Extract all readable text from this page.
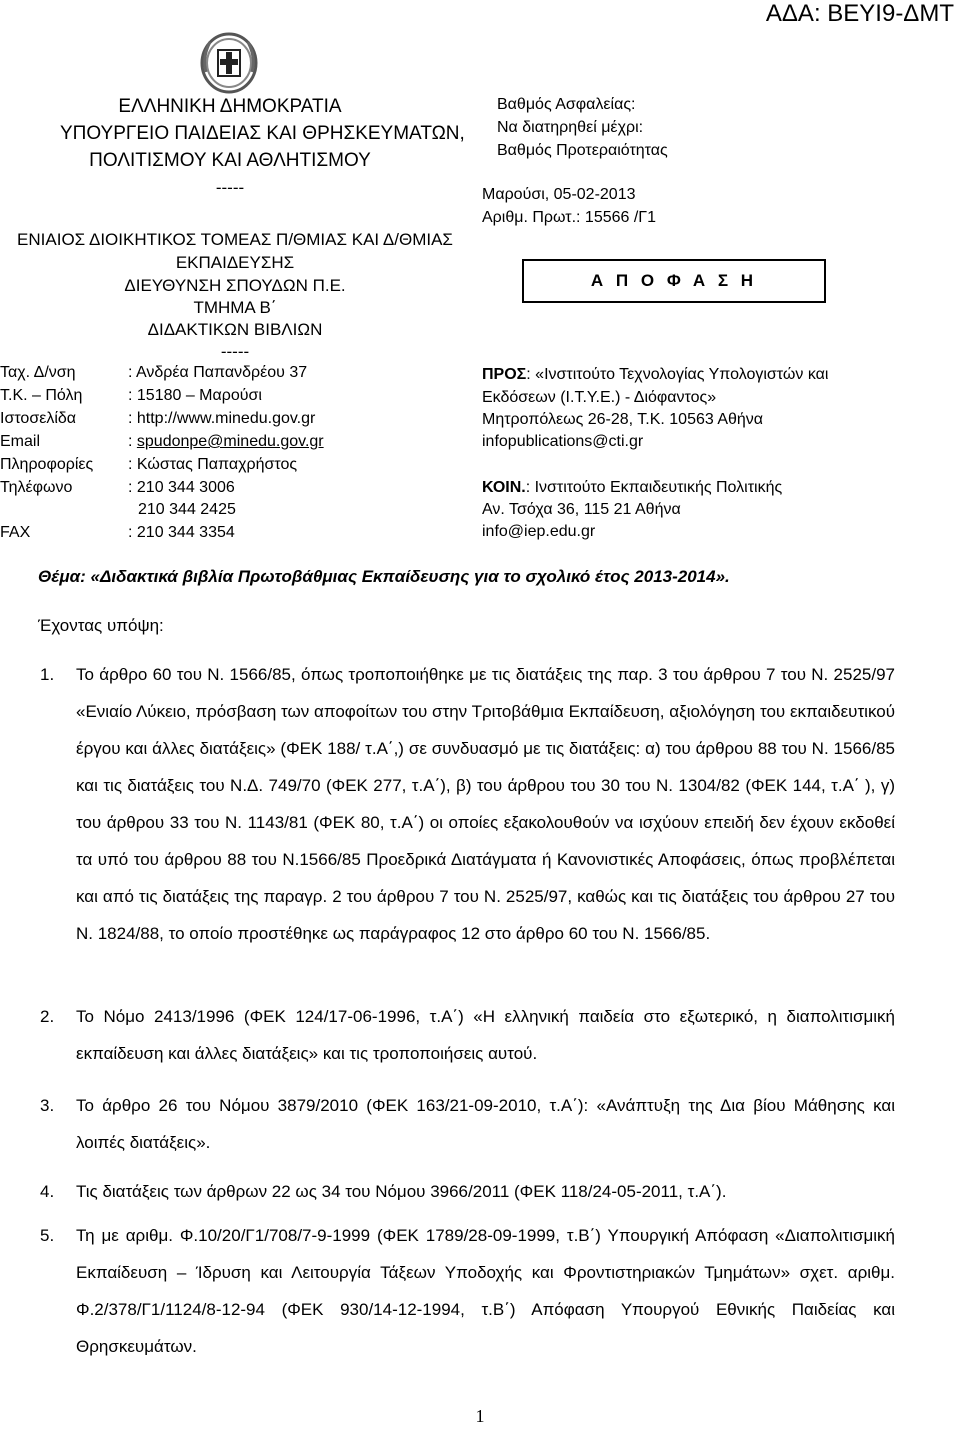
ΑΔΑ: ΒΕΥΙ9-ΔΜΤ
ΕΛΛΗΝΙΚΗ ΔΗΜΟΚΡΑΤΙΑ
ΥΠΟΥΡΓΕΙΟ ΠΑΙΔΕΙΑΣ ΚΑΙ ΘΡΗΣΚΕΥΜΑΤΩΝ,
ΠΟΛΙΤΙΣΜΟΥ ΚΑΙ ΑΘΛΗΤΙΣΜΟΥ
-----
ΕΝΙΑΙΟΣ ΔΙΟΙΚΗΤΙΚΟΣ ΤΟΜΕΑΣ Π/ΘΜΙΑΣ ΚΑΙ Δ/ΘΜΙΑΣ
ΕΚΠΑΙΔΕΥΣΗΣ
ΔΙΕΥΘΥΝΣΗ ΣΠΟΥΔΩΝ Π.Ε.
ΤΜΗΜΑ Β΄
ΔΙΔΑΚΤΙΚΩΝ ΒΙΒΛΙΩΝ
-----
Ταχ. Δ/νση	: Ανδρέα Παπανδρέου 37
Τ.Κ. – Πόλη	: 15180 – Μαρούσι
Ιστοσελίδα	: http://www.minedu.gov.gr
Email	: spudonpe@minedu.gov.gr
Πληροφορίες : Κώστας Παπαχρήστος
Τηλέφωνο	: 210 344 3006
210 344 2425
FAX	: 210 344 3354
Βαθμός Ασφαλείας:
Να διατηρηθεί μέχρι:
Βαθμός Προτεραιότητας
Μαρούσι, 05-02-2013
Αριθμ. Πρωτ.: 15566 /Γ1
Α Π Ο Φ Α Σ Η
ΠΡΟΣ: «Ινστιτούτο Τεχνολογίας Υπολογιστών και
Εκδόσεων (Ι.Τ.Υ.Ε.) - Διόφαντος»
Μητροπόλεως 26-28, Τ.Κ. 10563 Αθήνα
infopublications@cti.gr
ΚΟΙΝ.: Ινστιτούτο Εκπαιδευτικής Πολιτικής
Αν. Τσόχα 36, 115 21 Αθήνα
info@iep.edu.gr
Θέμα: «Διδακτικά βιβλία Πρωτοβάθμιας Εκπαίδευσης για το σχολικό έτος 2013-2014».
Έχοντας υπόψη:
1.	Το άρθρο 60 του Ν. 1566/85, όπως τροποποιήθηκε με τις διατάξεις της παρ. 3 του άρθρου 7 του Ν. 2525/97 «Ενιαίο Λύκειο, πρόσβαση των αποφοίτων του στην Τριτοβάθμια Εκπαίδευση, αξιολόγηση του εκπαιδευτικού έργου και άλλες διατάξεις» (ΦΕΚ 188/ τ.Α΄,) σε συνδυασμό με τις διατάξεις: α) του άρθρου 88 του Ν. 1566/85 και τις διατάξεις του Ν.Δ. 749/70 (ΦΕΚ 277, τ.Α΄), β) του άρθρου του 30 του Ν. 1304/82 (ΦΕΚ 144, τ.Α΄ ), γ) του άρθρου 33 του Ν. 1143/81 (ΦΕΚ 80, τ.Α΄) οι οποίες εξακολουθούν να ισχύουν επειδή δεν έχουν εκδοθεί τα υπό του άρθρου 88 του Ν.1566/85 Προεδρικά Διατάγματα ή Κανονιστικές Αποφάσεις, όπως προβλέπεται και από τις διατάξεις της παραγρ. 2 του άρθρου 7 του Ν. 2525/97, καθώς και τις διατάξεις του άρθρου 27 του Ν. 1824/88, το οποίο προστέθηκε ως παράγραφος 12 στο άρθρο 60 του Ν. 1566/85.
2.	Το Νόμο 2413/1996 (ΦΕΚ 124/17-06-1996, τ.Α΄) «Η ελληνική παιδεία στο εξωτερικό, η διαπολιτισμική εκπαίδευση και άλλες διατάξεις» και τις τροποποιήσεις αυτού.
3.	Το άρθρο 26 του Νόμου 3879/2010 (ΦΕΚ 163/21-09-2010, τ.Α΄): «Ανάπτυξη της Δια βίου Μάθησης και λοιπές διατάξεις».
4.	Τις διατάξεις των άρθρων 22 ως 34 του Νόμου 3966/2011 (ΦΕΚ 118/24-05-2011, τ.Α΄).
5.	Τη με αριθμ. Φ.10/20/Γ1/708/7-9-1999 (ΦΕΚ 1789/28-09-1999, τ.Β΄) Υπουργική Απόφαση «Διαπολιτισμική Εκπαίδευση – Ίδρυση και Λειτουργία Τάξεων Υποδοχής και Φροντιστηριακών Τμημάτων» σχετ. αριθμ. Φ.2/378/Γ1/1124/8-12-94 (ΦΕΚ 930/14-12-1994, τ.Β΄) Απόφαση Υπουργού Εθνικής Παιδείας και Θρησκευμάτων.
1
